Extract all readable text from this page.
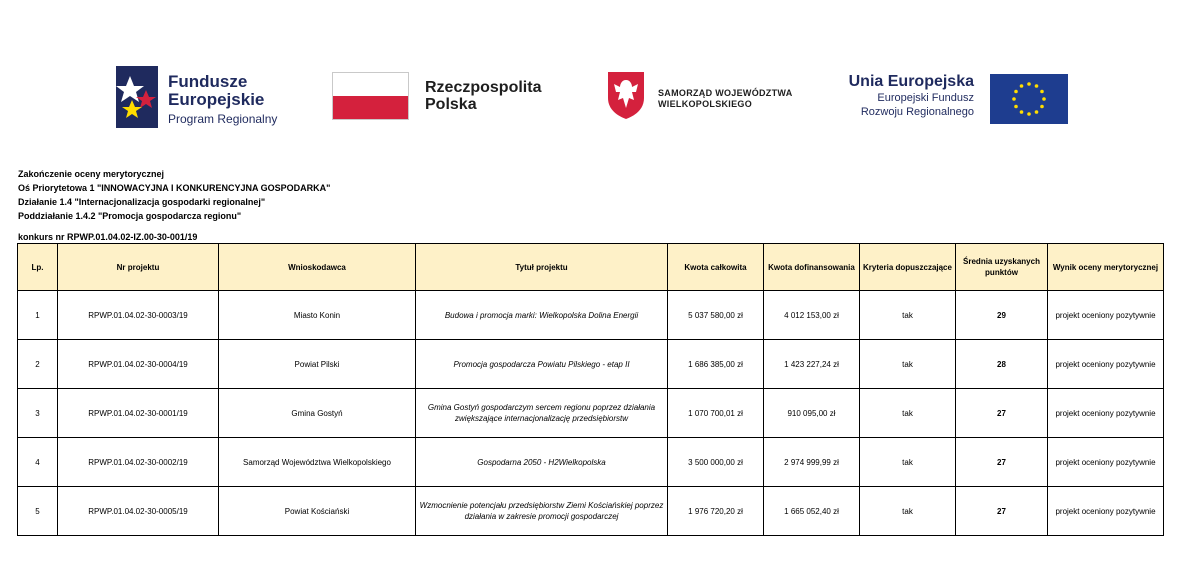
Fundusze
Europejskie
Program Regionalny
Rzeczpospolita
Polska
SAMORZĄD WOJEWÓDZTWA
WIELKOPOLSKIEGO
Unia Europejska
Europejski Fundusz
Rozwoju Regionalnego
Zakończenie oceny merytorycznej
Oś Priorytetowa 1 "INNOWACYJNA I KONKURENCYJNA GOSPODARKA"
Działanie 1.4 "Internacjonalizacja gospodarki regionalnej"
Poddziałanie 1.4.2 "Promocja gospodarcza regionu"
konkurs nr RPWP.01.04.02-IZ.00-30-001/19
Lp.	Nr projektu	Wnioskodawca	Tytuł projektu	Kwota całkowita	Kwota dofinansowania	Kryteria dopuszczające	Średnia uzyskanych punktów	Wynik oceny merytorycznej
1	RPWP.01.04.02-30-0003/19	Miasto Konin	Budowa i promocja marki: Wielkopolska Dolina Energii	5 037 580,00 zł	4 012 153,00 zł	tak	29	projekt oceniony pozytywnie
2	RPWP.01.04.02-30-0004/19	Powiat Pilski	Promocja gospodarcza Powiatu Pilskiego - etap II	1 686 385,00 zł	1 423 227,24 zł	tak	28	projekt oceniony pozytywnie
3	RPWP.01.04.02-30-0001/19	Gmina Gostyń	Gmina Gostyń gospodarczym sercem regionu poprzez działania zwiększające internacjonalizację przedsiębiorstw	1 070 700,01 zł	910 095,00 zł	tak	27	projekt oceniony pozytywnie
4	RPWP.01.04.02-30-0002/19	Samorząd Województwa Wielkopolskiego	Gospodarna 2050 - H2Wielkopolska	3 500 000,00 zł	2 974 999,99 zł	tak	27	projekt oceniony pozytywnie
5	RPWP.01.04.02-30-0005/19	Powiat Kościański	Wzmocnienie potencjału przedsiębiorstw Ziemi Kościańskiej poprzez działania w zakresie promocji gospodarczej	1 976 720,20 zł	1 665 052,40 zł	tak	27	projekt oceniony pozytywnie
